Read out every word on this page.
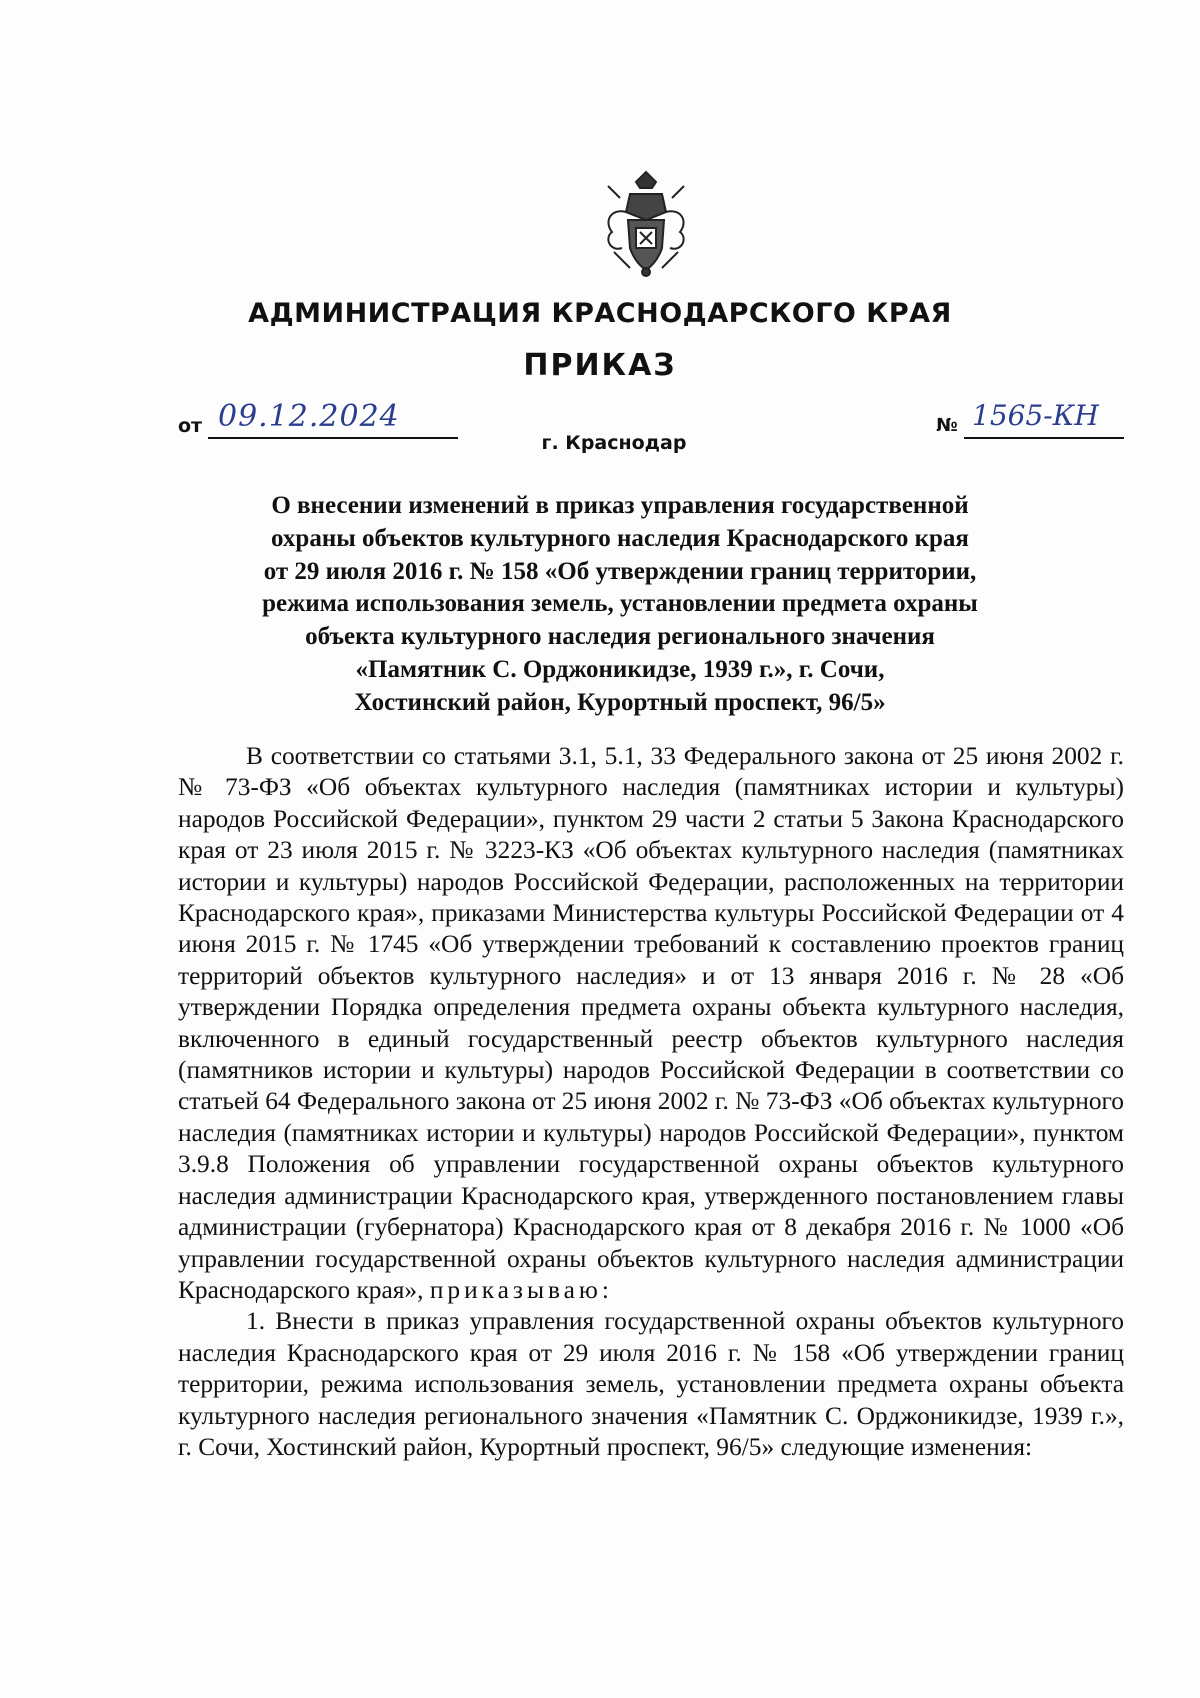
АДМИНИСТРАЦИЯ КРАСНОДАРСКОГО КРАЯ
ПРИКАЗ
от 09.12.2024	№ 1565-КН
г. Краснодар
О внесении изменений в приказ управления государственной
охраны объектов культурного наследия Краснодарского края
от 29 июля 2016 г. № 158 «Об утверждении границ территории,
режима использования земель, установлении предмета охраны
объекта культурного наследия регионального значения
«Памятник С. Орджоникидзе, 1939 г.», г. Сочи,
Хостинский район, Курортный проспект, 96/5»

В соответствии со статьями 3.1, 5.1, 33 Федерального закона от 25 июня 2002 г. № 73-ФЗ «Об объектах культурного наследия (памятниках истории и культуры) народов Российской Федерации», пунктом 29 части 2 статьи 5 Закона Краснодарского края от 23 июля 2015 г. № 3223-КЗ «Об объектах культурного наследия (памятниках истории и культуры) народов Российской Федерации, расположенных на территории Краснодарского края», приказами Министерства культуры Российской Федерации от 4 июня 2015 г. № 1745 «Об утверждении требований к составлению проектов границ территорий объектов культурного наследия» и от 13 января 2016 г. № 28 «Об утверждении Порядка определения предмета охраны объекта культурного наследия, включенного в единый государственный реестр объектов культурного наследия (памятников истории и культуры) народов Российской Федерации в соответствии со статьей 64 Федерального закона от 25 июня 2002 г. № 73-ФЗ «Об объектах культурного наследия (памятниках истории и культуры) народов Российской Федерации», пунктом 3.9.8 Положения об управлении государственной охраны объектов культурного наследия администрации Краснодарского края, утвержденного постановлением главы администрации (губернатора) Краснодарского края от 8 декабря 2016 г. № 1000 «Об управлении государственной охраны объектов культурного наследия администрации Краснодарского края», приказываю:

1. Внести в приказ управления государственной охраны объектов культурного наследия Краснодарского края от 29 июля 2016 г. № 158 «Об утверждении границ территории, режима использования земель, установлении предмета охраны объекта культурного наследия регионального значения «Памятник С. Орджоникидзе, 1939 г.», г. Сочи, Хостинский район, Курортный проспект, 96/5» следующие изменения:
